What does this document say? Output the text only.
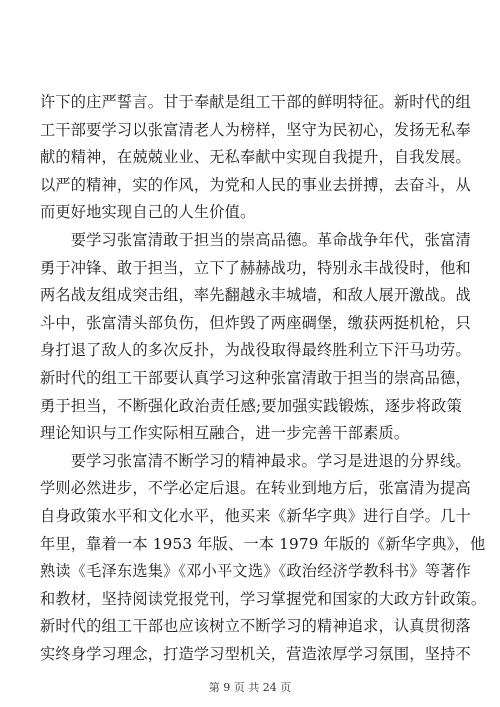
许下的庄严誓言。甘于奉献是组工干部的鲜明特征。新时代的组
工干部要学习以张富清老人为榜样，坚守为民初心，发扬无私奉
献的精神，在兢兢业业、无私奉献中实现自我提升，自我发展。
以严的精神，实的作风，为党和人民的事业去拼搏，去奋斗，从
而更好地实现自己的人生价值。
　　要学习张富清敢于担当的崇高品德。革命战争年代，张富清
勇于冲锋、敢于担当，立下了赫赫战功，特别永丰战役时，他和
两名战友组成突击组，率先翻越永丰城墙，和敌人展开激战。战
斗中，张富清头部负伤，但炸毁了两座碉堡，缴获两挺机枪，只
身打退了敌人的多次反扑，为战役取得最终胜利立下汗马功劳。
新时代的组工干部要认真学习这种张富清敢于担当的崇高品德，
勇于担当，不断强化政治责任感;要加强实践锻炼，逐步将政策
理论知识与工作实际相互融合，进一步完善干部素质。
　　要学习张富清不断学习的精神最求。学习是进退的分界线。
学则必然进步，不学必定后退。在转业到地方后，张富清为提高
自身政策水平和文化水平，他买来《新华字典》进行自学。几十
年里，靠着一本 1953 年版、一本 1979 年版的《新华字典》，他
熟读《毛泽东选集》《邓小平文选》《政治经济学教科书》等著作
和教材，坚持阅读党报党刊，学习掌握党和国家的大政方针政策。
新时代的组工干部也应该树立不断学习的精神追求，认真贯彻落
实终身学习理念，打造学习型机关，营造浓厚学习氛围，坚持不
第 9 页 共 24 页
